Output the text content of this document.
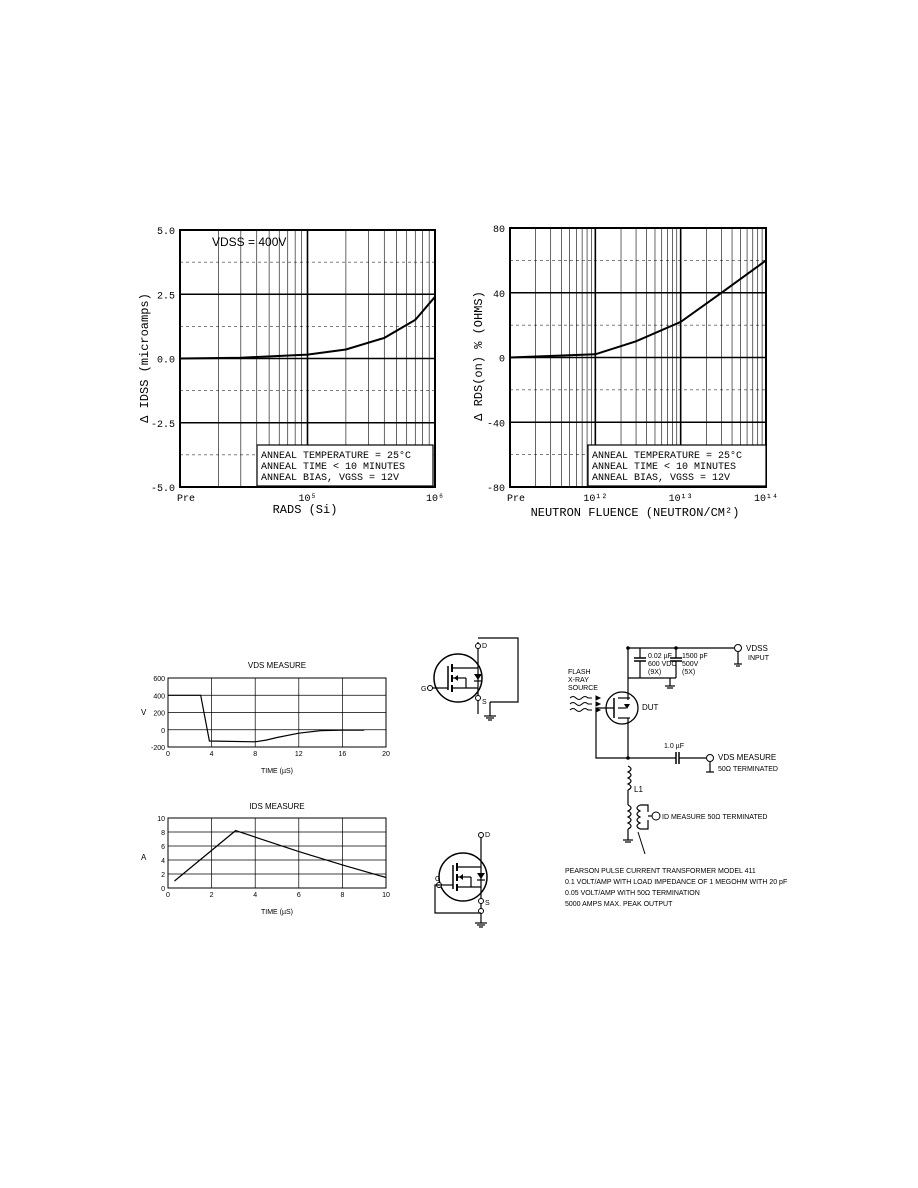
VDSS = 400V
5.0
2.5
0.0
-2.5
-5.0
Pre	10⁵	10⁶
RADS (Si)
Δ IDSS (microamps)
ANNEAL TEMPERATURE = 25°C
ANNEAL TIME < 10 MINUTES
ANNEAL BIAS, VGSS = 12V
80
40
0
-40
-80
Pre	10¹²	10¹³	10¹⁴
NEUTRON FLUENCE (NEUTRON/CM²)
Δ RDS(on) % (OHMS)
ANNEAL TEMPERATURE = 25°C
ANNEAL TIME < 10 MINUTES
ANNEAL BIAS, VGSS = 12V
VDS MEASURE
600
400
200
0
-200
0	4	8	12	16	20
V
TIME (µS)
IDS MEASURE
10
8
6
4
2
0
0	2	4	6	8	10
A
TIME (µS)
G
D
S
D
G
S
VDSS
INPUT
0.02 µF
600 VDC
(9X)
1500 pF
500V
(5X)
FLASH
X-RAY
SOURCE
DUT
1.0 µF
VDS MEASURE
50Ω TERMINATED
L1
ID MEASURE 50Ω TERMINATED
PEARSON PULSE CURRENT TRANSFORMER MODEL 411
0.1 VOLT/AMP WITH LOAD IMPEDANCE OF 1 MEGOHM WITH 20 pF
0.05 VOLT/AMP WITH 50Ω TERMINATION
5000 AMPS MAX. PEAK OUTPUT
